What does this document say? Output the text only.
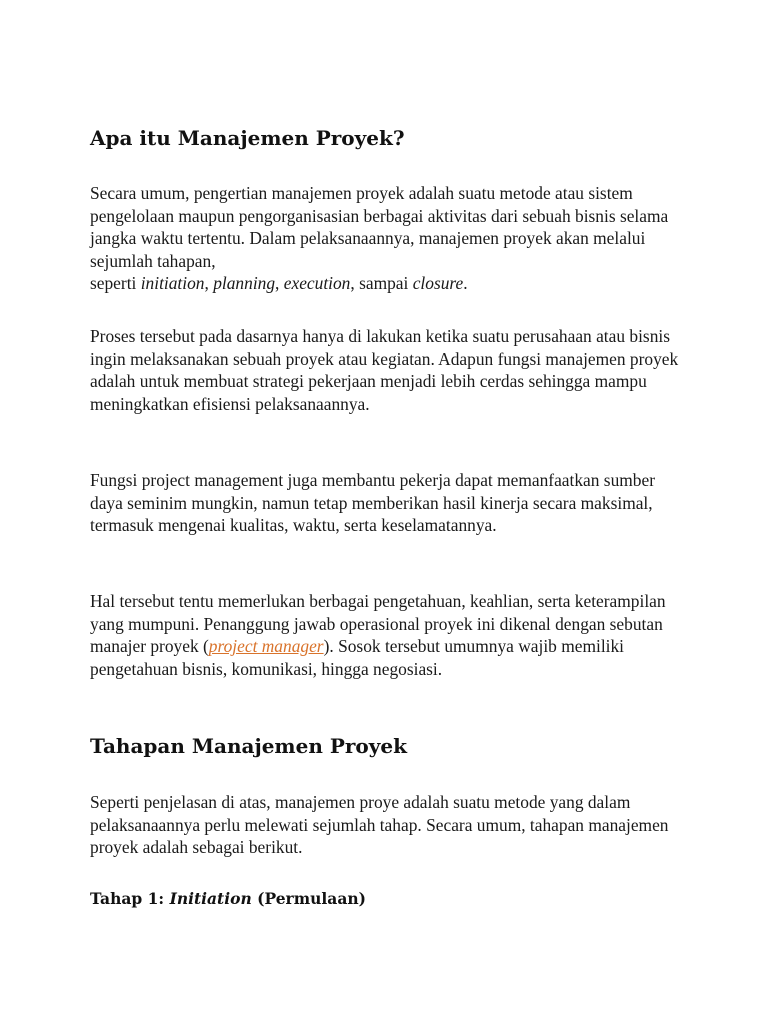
Apa itu Manajemen Proyek?

Secara umum, pengertian manajemen proyek adalah suatu metode atau sistem pengelolaan maupun pengorganisasian berbagai aktivitas dari sebuah bisnis selama jangka waktu tertentu. Dalam pelaksanaannya, manajemen proyek akan melalui sejumlah tahapan,
seperti initiation, planning, execution, sampai closure.

Proses tersebut pada dasarnya hanya di lakukan ketika suatu perusahaan atau bisnis ingin melaksanakan sebuah proyek atau kegiatan. Adapun fungsi manajemen proyek adalah untuk membuat strategi pekerjaan menjadi lebih cerdas sehingga mampu meningkatkan efisiensi pelaksanaannya.

Fungsi project management juga membantu pekerja dapat memanfaatkan sumber daya seminim mungkin, namun tetap memberikan hasil kinerja secara maksimal, termasuk mengenai kualitas, waktu, serta keselamatannya.

Hal tersebut tentu memerlukan berbagai pengetahuan, keahlian, serta keterampilan yang mumpuni. Penanggung jawab operasional proyek ini dikenal dengan sebutan manajer proyek (project manager). Sosok tersebut umumnya wajib memiliki pengetahuan bisnis, komunikasi, hingga negosiasi.

Tahapan Manajemen Proyek

Seperti penjelasan di atas, manajemen proye adalah suatu metode yang dalam pelaksanaannya perlu melewati sejumlah tahap. Secara umum, tahapan manajemen proyek adalah sebagai berikut.

Tahap 1: Initiation (Permulaan)
